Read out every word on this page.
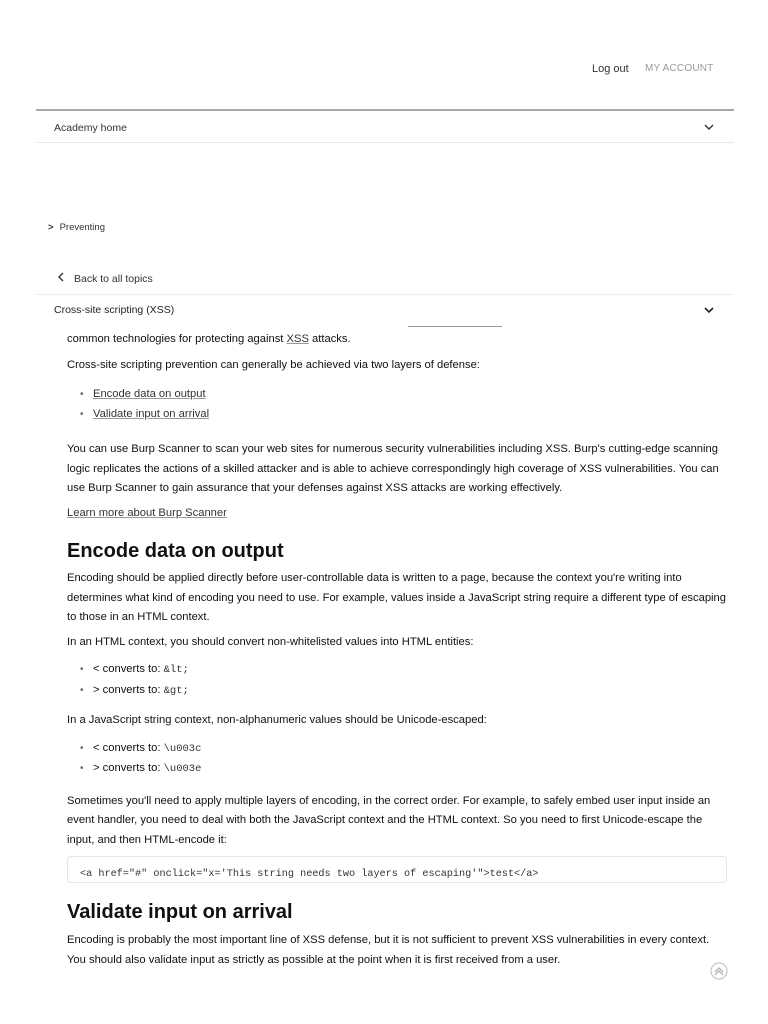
Log out MY ACCOUNT
Academy home
> Preventing
Back to all topics
Cross-site scripting (XSS)

common technologies for protecting against XSS attacks.

Cross-site scripting prevention can generally be achieved via two layers of defense:

• Encode data on output
• Validate input on arrival

You can use Burp Scanner to scan your web sites for numerous security vulnerabilities including XSS. Burp's cutting-edge scanning logic replicates the actions of a skilled attacker and is able to achieve correspondingly high coverage of XSS vulnerabilities. You can use Burp Scanner to gain assurance that your defenses against XSS attacks are working effectively.

Learn more about Burp Scanner

Encode data on output

Encoding should be applied directly before user-controllable data is written to a page, because the context you're writing into determines what kind of encoding you need to use. For example, values inside a JavaScript string require a different type of escaping to those in an HTML context.

In an HTML context, you should convert non-whitelisted values into HTML entities:

• < converts to: &lt;
• > converts to: &gt;

In a JavaScript string context, non-alphanumeric values should be Unicode-escaped:

• < converts to: \u003c
• > converts to: \u003e

Sometimes you'll need to apply multiple layers of encoding, in the correct order. For example, to safely embed user input inside an event handler, you need to deal with both the JavaScript context and the HTML context. So you need to first Unicode-escape the input, and then HTML-encode it:

<a href="#" onclick="x='This string needs two layers of escaping'">test</a>
Validate input on arrival

Encoding is probably the most important line of XSS defense, but it is not sufficient to prevent XSS vulnerabilities in every context. You should also validate input as strictly as possible at the point when it is first received from a user.
